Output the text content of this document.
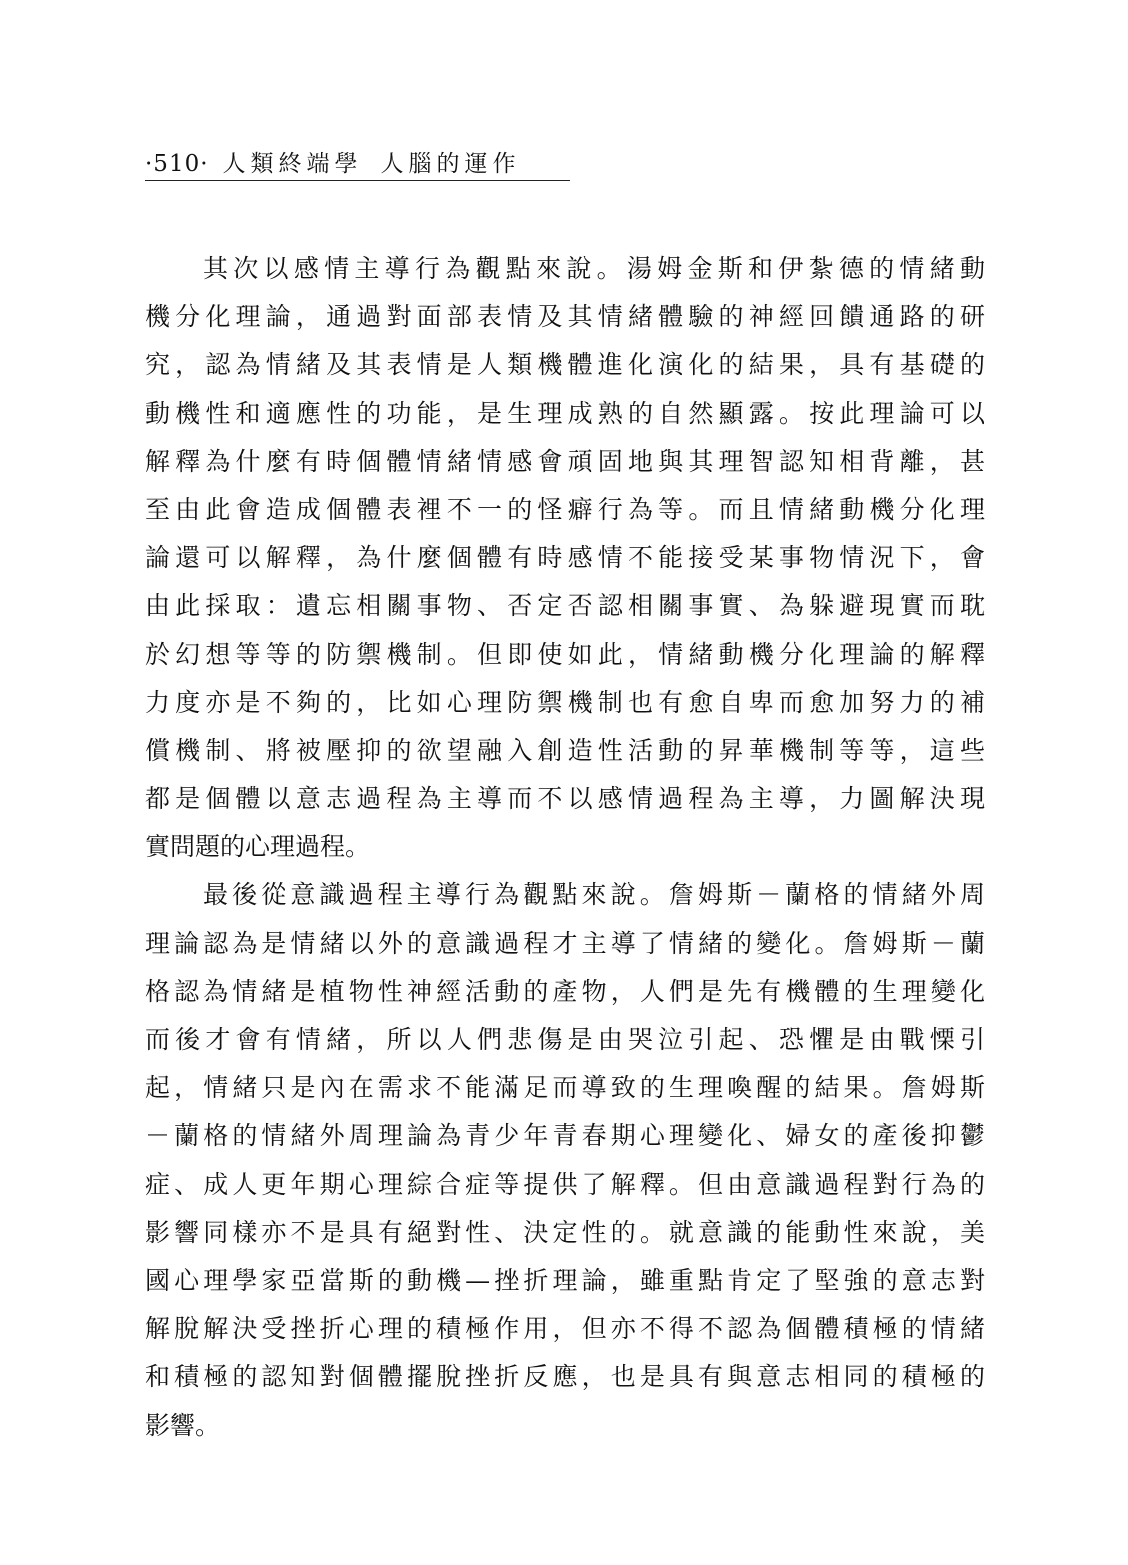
·510· 人類終端學 人腦的運作
其次以感情主導行為觀點來說。湯姆金斯和伊紮德的情緒動
機分化理論，通過對面部表情及其情緒體驗的神經回饋通路的研
究，認為情緒及其表情是人類機體進化演化的結果，具有基礎的
動機性和適應性的功能，是生理成熟的自然顯露。按此理論可以
解釋為什麼有時個體情緒情感會頑固地與其理智認知相背離，甚
至由此會造成個體表裡不一的怪癖行為等。而且情緒動機分化理
論還可以解釋，為什麼個體有時感情不能接受某事物情況下，會
由此採取：遺忘相關事物、否定否認相關事實、為躲避現實而耽
於幻想等等的防禦機制。但即使如此，情緒動機分化理論的解釋
力度亦是不夠的，比如心理防禦機制也有愈自卑而愈加努力的補
償機制、將被壓抑的欲望融入創造性活動的昇華機制等等，這些
都是個體以意志過程為主導而不以感情過程為主導，力圖解決現
實問題的心理過程。
最後從意識過程主導行為觀點來說。詹姆斯－蘭格的情緒外周
理論認為是情緒以外的意識過程才主導了情緒的變化。詹姆斯－蘭
格認為情緒是植物性神經活動的產物，人們是先有機體的生理變化
而後才會有情緒，所以人們悲傷是由哭泣引起、恐懼是由戰慄引
起，情緒只是內在需求不能滿足而導致的生理喚醒的結果。詹姆斯
－蘭格的情緒外周理論為青少年青春期心理變化、婦女的產後抑鬱
症、成人更年期心理綜合症等提供了解釋。但由意識過程對行為的
影響同樣亦不是具有絕對性、決定性的。就意識的能動性來說，美
國心理學家亞當斯的動機—挫折理論，雖重點肯定了堅強的意志對
解脫解決受挫折心理的積極作用，但亦不得不認為個體積極的情緒
和積極的認知對個體擺脫挫折反應，也是具有與意志相同的積極的
影響。
